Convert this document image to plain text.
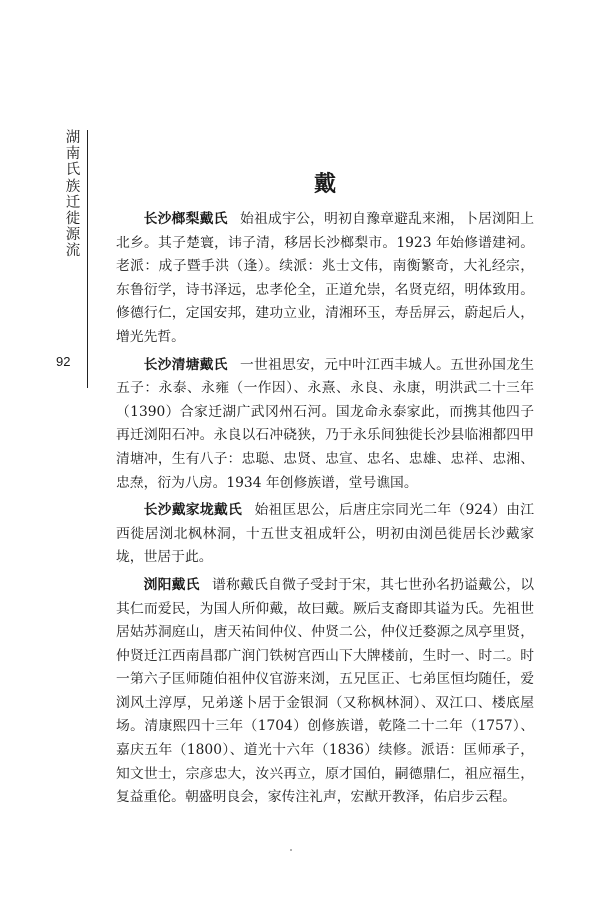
湖南氏族迁徙源流
92
戴

长沙榔梨戴氏 始祖成宇公，明初自豫章避乱来湘，卜居浏阳上北乡。其子楚寰，讳子清，移居长沙榔梨市。1923 年始修谱建祠。老派：成子暨手洪（逢）。续派：兆士文伟，南衡繁奇，大礼经宗，东鲁衍学，诗书泽远，忠孝伦全，正道允崇，名贤克绍，明体致用。修德行仁，定国安邦，建功立业，清湘环玉，寿岳屏云，蔚起后人，增光先哲。

长沙清塘戴氏 一世祖思安，元中叶江西丰城人。五世孙国龙生五子：永泰、永雍（一作因）、永熹、永良、永康，明洪武二十三年（1390）合家迁湖广武冈州石河。国龙命永泰家此，而携其他四子再迁浏阳石冲。永良以石冲硗狭，乃于永乐间独徙长沙县临湘都四甲清塘冲，生有八子：忠聪、忠贤、忠宣、忠名、忠雄、忠祥、忠湘、忠焘，衍为八房。1934 年创修族谱，堂号谯国。

长沙戴家垅戴氏 始祖匡思公，后唐庄宗同光二年（924）由江西徙居浏北枫林洞，十五世支祖成轩公，明初由浏邑徙居长沙戴家垅，世居于此。

浏阳戴氏 谱称戴氏自微子受封于宋，其七世孙名扔谥戴公，以其仁而爱民，为国人所仰戴，故曰戴。厥后支裔即其谥为氏。先祖世居姑苏洞庭山，唐天祐间仲仪、仲贤二公，仲仪迁婺源之凤亭里贤，仲贤迁江西南昌郡广润门铁树宫西山下大牌楼前，生时一、时二。时一第六子匡师随伯祖仲仪官游来浏，五兄匡正、七弟匡恒均随任，爱浏风土淳厚，兄弟遂卜居于金银洞（又称枫林洞）、双江口、楼底屋场。清康熙四十三年（1704）创修族谱，乾隆二十二年（1757）、嘉庆五年（1800）、道光十六年（1836）续修。派语：匡师承子，知文世士，宗彦忠大，汝兴再立，原才国伯，嗣德鼎仁，祖应福生，复益重伦。朝盛明良会，家传注礼声，宏猷开教泽，佑启步云程。
